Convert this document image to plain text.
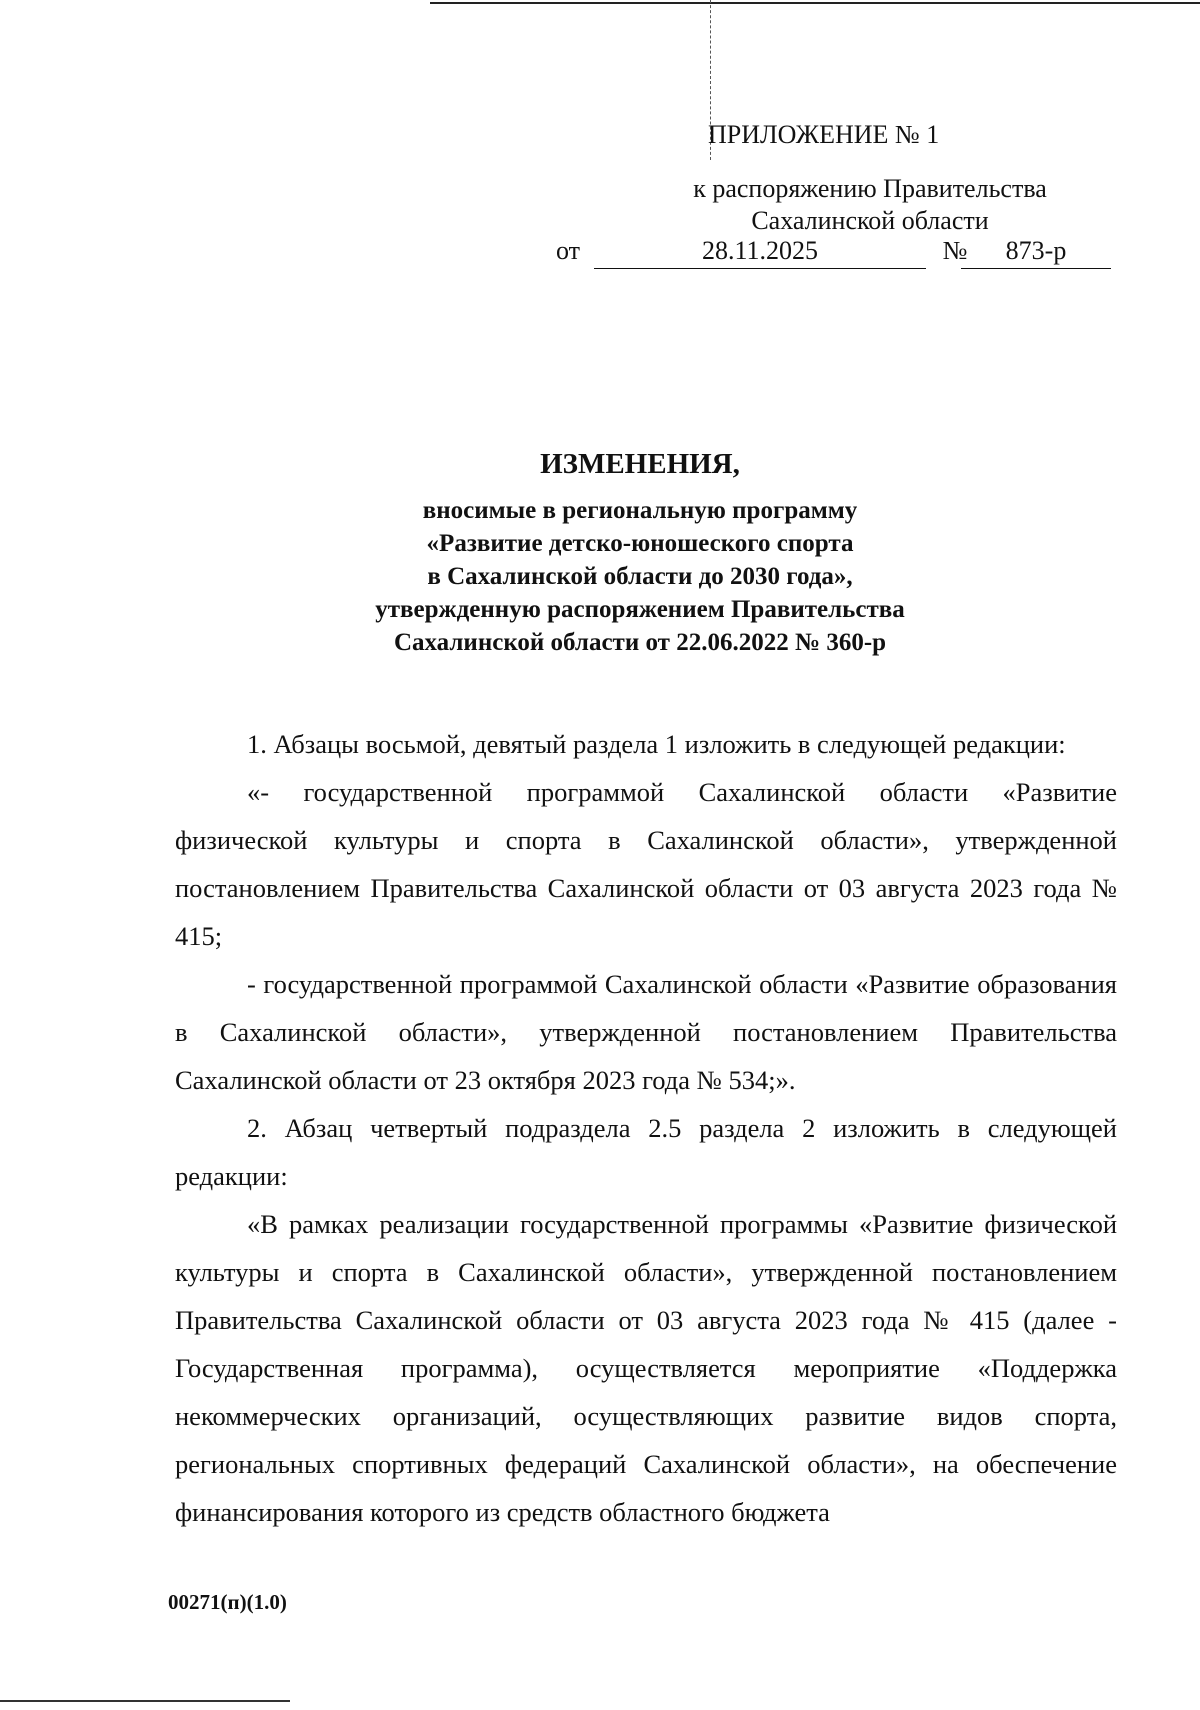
ПРИЛОЖЕНИЕ № 1
к распоряжению Правительства
Сахалинской области
от	28.11.2025	№	873-р
ИЗМЕНЕНИЯ,
вносимые в региональную программу
«Развитие детско-юношеского спорта
в Сахалинской области до 2030 года»,
утвержденную распоряжением Правительства
Сахалинской области от 22.06.2022 № 360-р

1. Абзацы восьмой, девятый раздела 1 изложить в следующей редакции:

«- государственной программой Сахалинской области «Развитие физической культуры и спорта в Сахалинской области», утвержденной постановлением Правительства Сахалинской области от 03 августа 2023 года № 415;

- государственной программой Сахалинской области «Развитие образования в Сахалинской области», утвержденной постановлением Правительства Сахалинской области от 23 октября 2023 года № 534;».

2. Абзац четвертый подраздела 2.5 раздела 2 изложить в следующей редакции:

«В рамках реализации государственной программы «Развитие физической культуры и спорта в Сахалинской области», утвержденной постановлением Правительства Сахалинской области от 03 августа 2023 года № 415 (далее - Государственная программа), осуществляется мероприятие «Поддержка некоммерческих организаций, осуществляющих развитие видов спорта, региональных спортивных федераций Сахалинской области», на обеспечение финансирования которого из средств областного бюджета

00271(п)(1.0)
